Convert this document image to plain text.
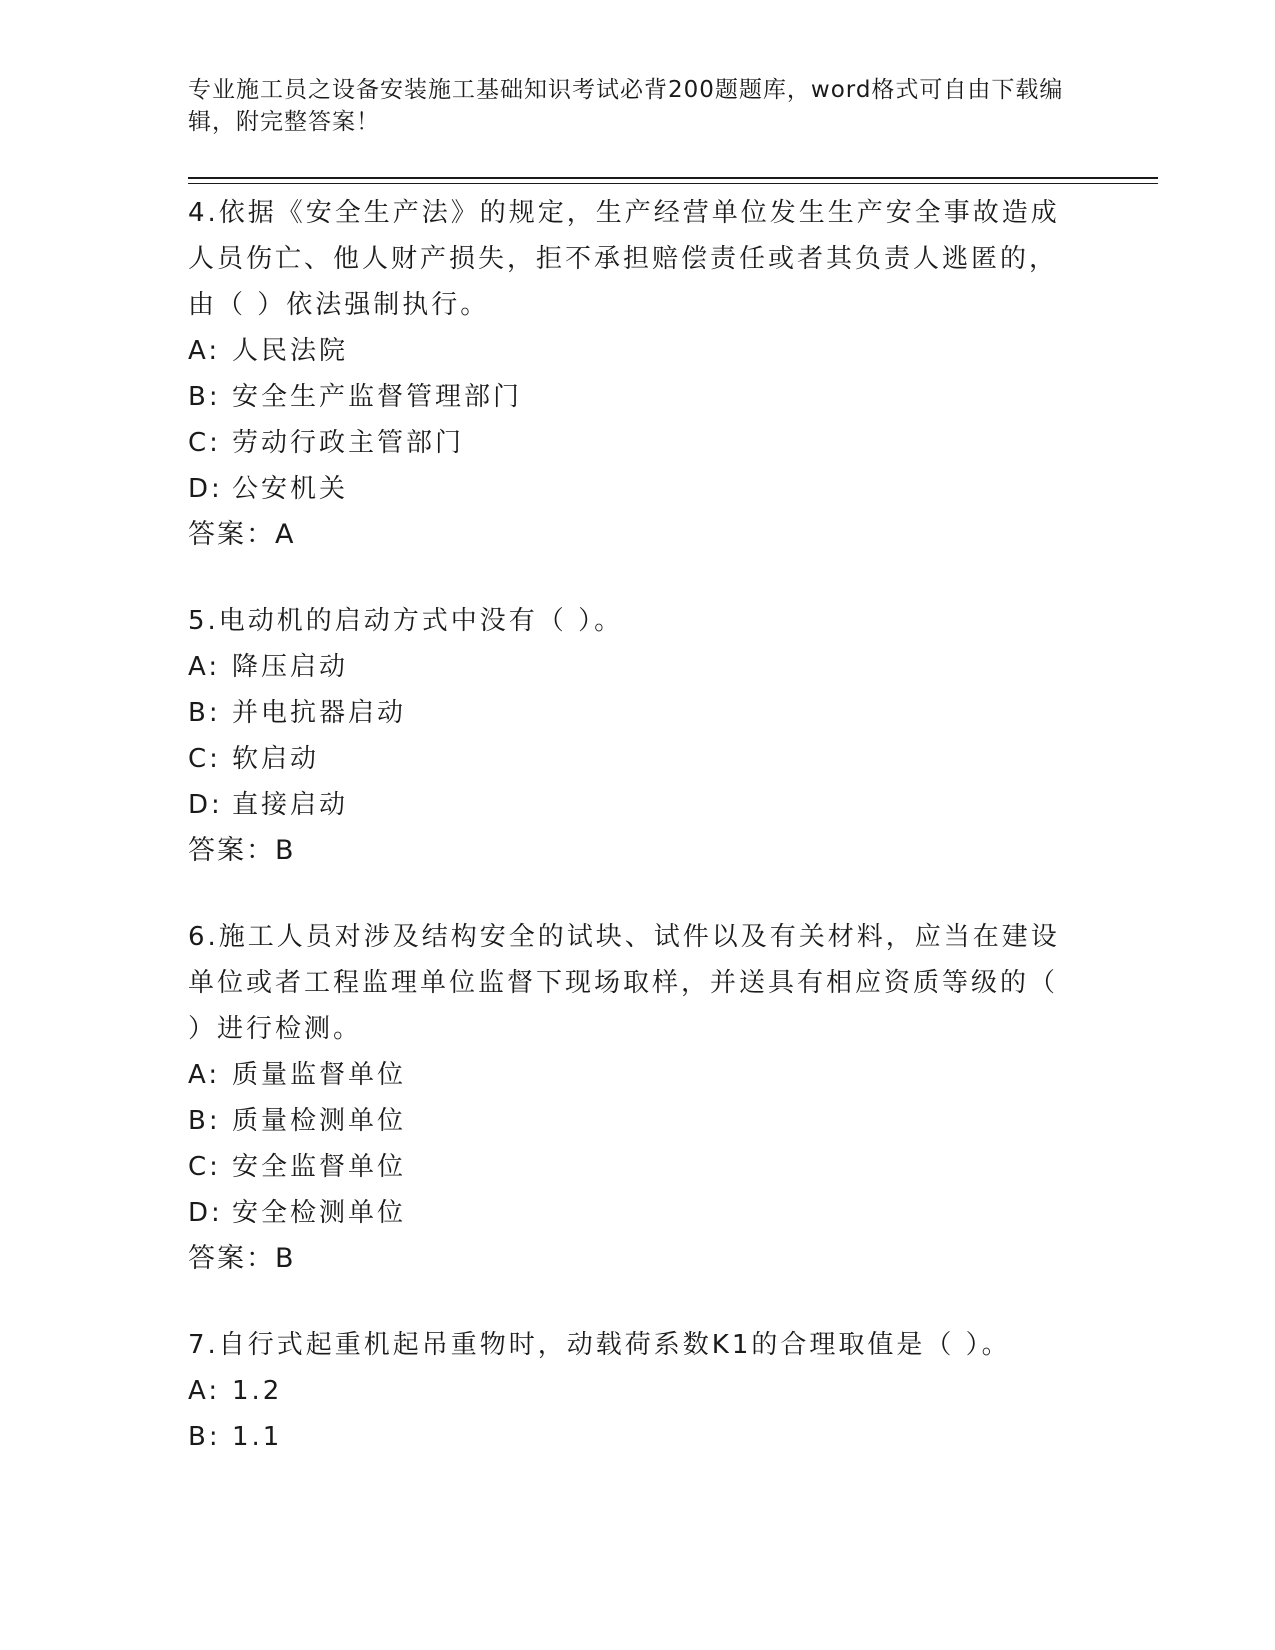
专业施工员之设备安装施工基础知识考试必背200题题库，word格式可自由下载编辑，附完整答案！

4.依据《安全生产法》的规定，生产经营单位发生生产安全事故造成人员伤亡、他人财产损失，拒不承担赔偿责任或者其负责人逃匿的，由（ ）依法强制执行。

A: 人民法院

B: 安全生产监督管理部门

C: 劳动行政主管部门

D: 公安机关

答案：A

5.电动机的启动方式中没有（ ）。

A: 降压启动

B: 并电抗器启动

C: 软启动

D: 直接启动

答案：B

6.施工人员对涉及结构安全的试块、试件以及有关材料，应当在建设单位或者工程监理单位监督下现场取样，并送具有相应资质等级的（ ）进行检测。

A: 质量监督单位

B: 质量检测单位

C: 安全监督单位

D: 安全检测单位

答案：B

7.自行式起重机起吊重物时，动载荷系数K1的合理取值是（ ）。

A: 1.2

B: 1.1
